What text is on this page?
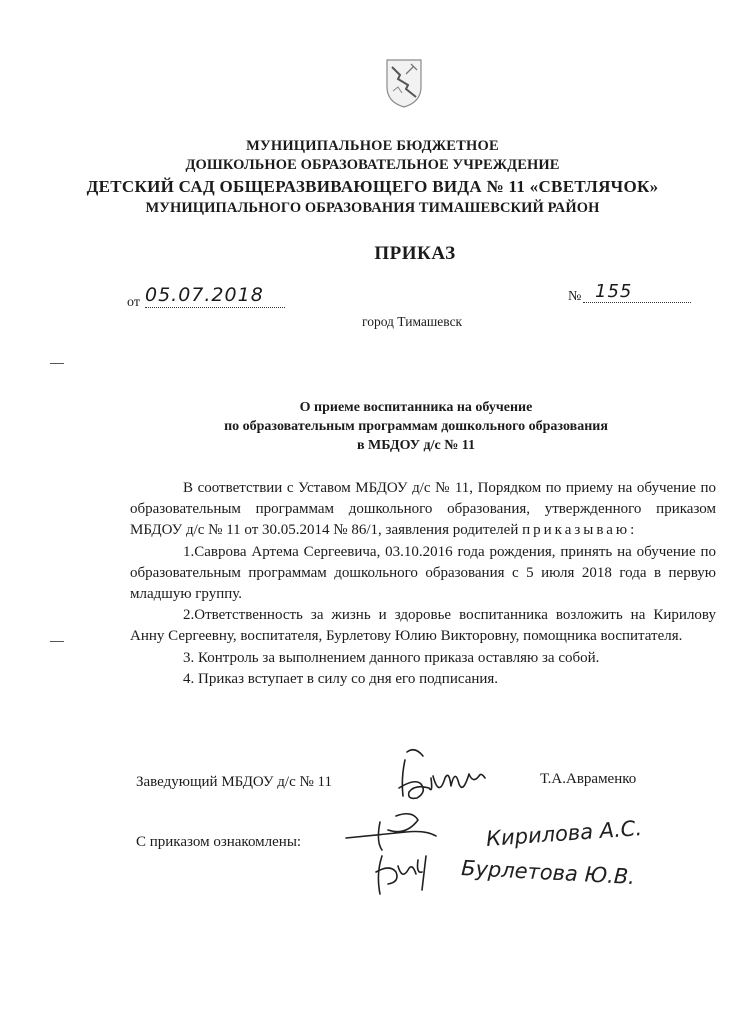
МУНИЦИПАЛЬНОЕ БЮДЖЕТНОЕ
ДОШКОЛЬНОЕ ОБРАЗОВАТЕЛЬНОЕ УЧРЕЖДЕНИЕ
ДЕТСКИЙ САД ОБЩЕРАЗВИВАЮЩЕГО ВИДА № 11 «СВЕТЛЯЧОК»
МУНИЦИПАЛЬНОГО ОБРАЗОВАНИЯ ТИМАШЕВСКИЙ РАЙОН
ПРИКАЗ
от 05.07.2018	№ 155
город Тимашевск
О приеме воспитанника на обучение
по образовательным программам дошкольного образования
в МБДОУ д/с № 11

В соответствии с Уставом МБДОУ д/с № 11, Порядком по приему на обучение по образовательным программам дошкольного образования, утвержденного приказом МБДОУ д/с № 11 от 30.05.2014 № 86/1, заявления родителей приказываю:

1.Саврова Артема Сергеевича, 03.10.2016 года рождения, принять на обучение по образовательным программам дошкольного образования с 5 июля 2018 года в первую младшую группу.

2.Ответственность за жизнь и здоровье воспитанника возложить на Кирилову Анну Сергеевну, воспитателя, Бурлетову Юлию Викторовну, помощника воспитателя.

3. Контроль за выполнением данного приказа оставляю за собой.

4. Приказ вступает в силу со дня его подписания.

Заведующий МБДОУ д/с № 11	Т.А.Авраменко
С приказом ознакомлены:	Кирилова А.С.
Бурлетова Ю.В.
